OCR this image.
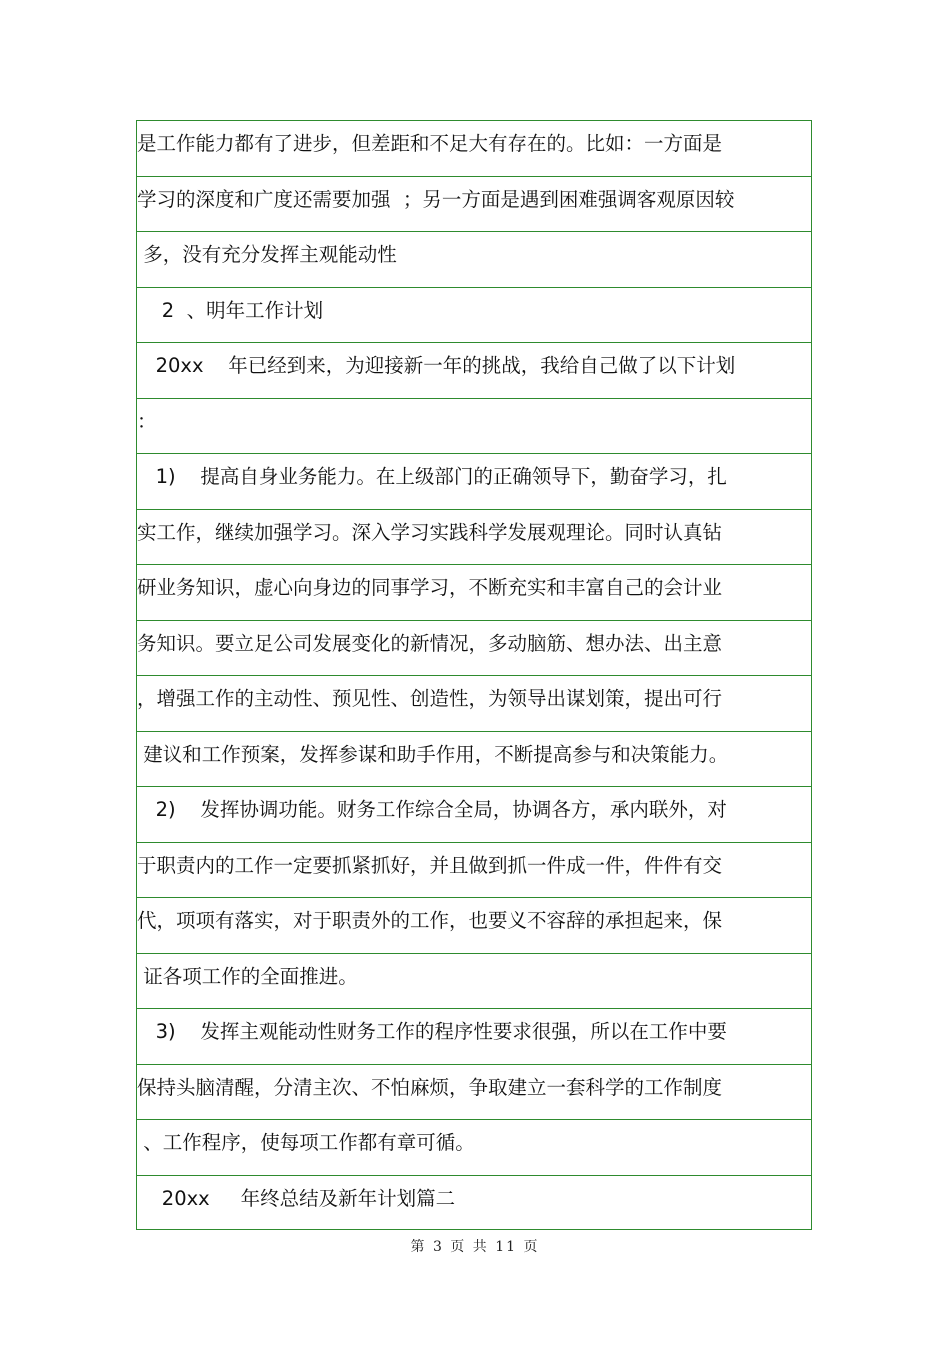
是工作能力都有了进步，但差距和不足大有存在的。比如：一方面是
学习的深度和广度还需要加强  ；另一方面是遇到困难强调客观原因较
多，没有充分发挥主观能动性
2  、明年工作计划
20xx    年已经到来，为迎接新一年的挑战，我给自己做了以下计划
：
1)    提高自身业务能力。在上级部门的正确领导下，勤奋学习，扎
实工作，继续加强学习。深入学习实践科学发展观理论。同时认真钻
研业务知识，虚心向身边的同事学习，不断充实和丰富自己的会计业
务知识。要立足公司发展变化的新情况，多动脑筋、想办法、出主意
，增强工作的主动性、预见性、创造性，为领导出谋划策，提出可行
建议和工作预案，发挥参谋和助手作用，不断提高参与和决策能力。
2)    发挥协调功能。财务工作综合全局，协调各方，承内联外，对
于职责内的工作一定要抓紧抓好，并且做到抓一件成一件，件件有交
代，项项有落实，对于职责外的工作，也要义不容辞的承担起来，保
证各项工作的全面推进。
3)    发挥主观能动性财务工作的程序性要求很强，所以在工作中要
保持头脑清醒，分清主次、不怕麻烦，争取建立一套科学的工作制度
、工作程序，使每项工作都有章可循。
20xx     年终总结及新年计划篇二
第 3 页 共 11 页
